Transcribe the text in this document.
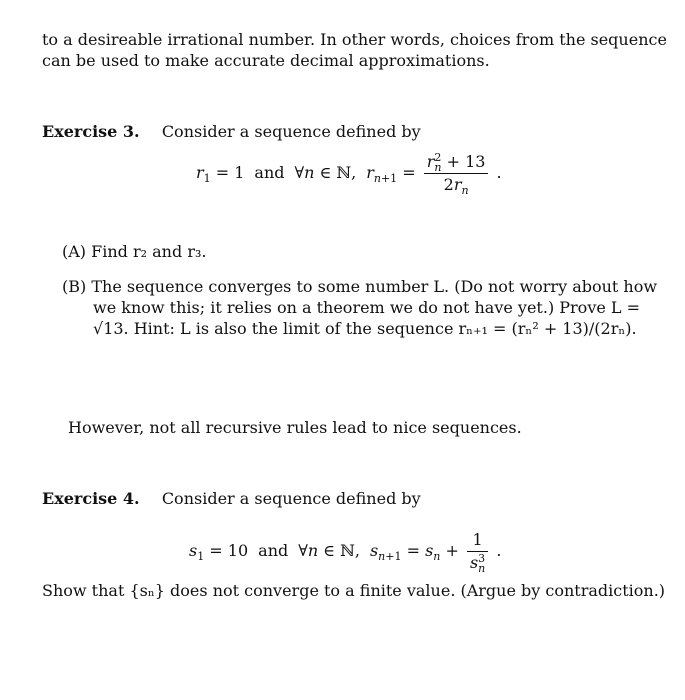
to a desireable irrational number. In other words, choices from the sequence
can be used to make accurate decimal approximations.
Exercise 3. Consider a sequence defined by
$r_1 = 1$ and ∀n ∈ ℕ, $r_{n+1} = \frac{r^2_n + 13}{2r_n}$ .
(A) Find r₂ and r₃.
(B) The sequence converges to some number L. (Do not worry about how
we know this; it relies on a theorem we do not have yet.) Prove L =
√13. Hint: L is also the limit of the sequence rₙ₊₁ = (rₙ² + 13)/(2rₙ).
However, not all recursive rules lead to nice sequences.
Exercise 4. Consider a sequence defined by
$s_1 = 10$ and ∀n ∈ ℕ, $s_{n+1} = s_n + \frac{1}{s^3_n}$ .
Show that {sₙ} does not converge to a finite value. (Argue by contradiction.)
